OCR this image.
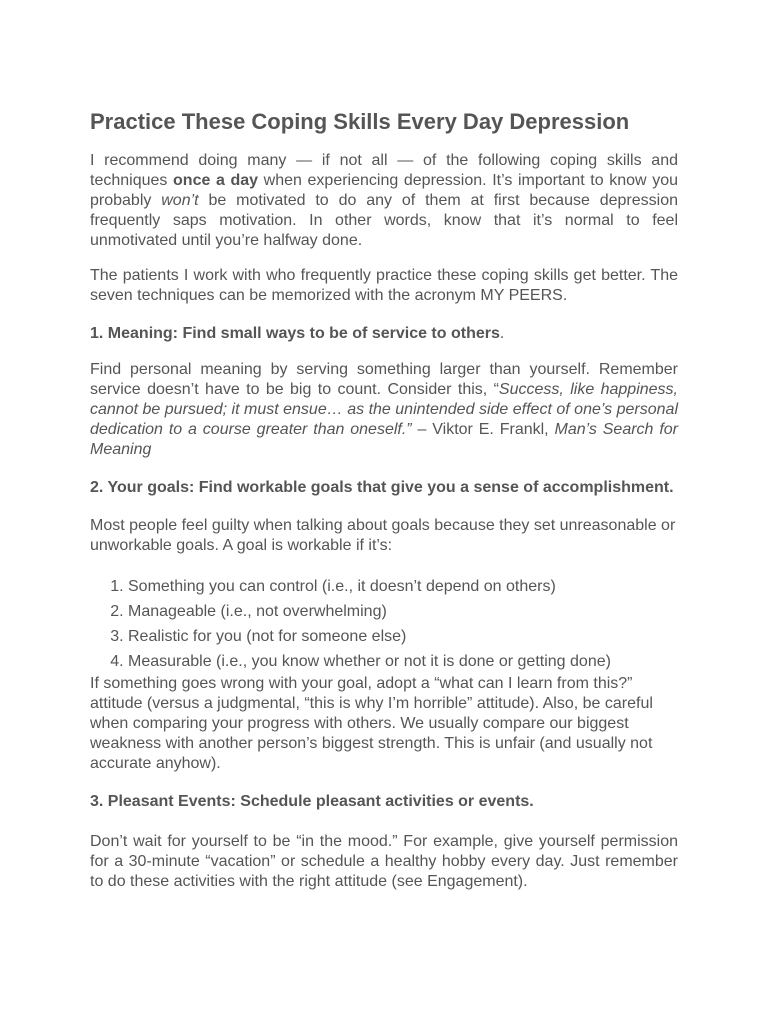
Practice These Coping Skills Every Day Depression

I recommend doing many — if not all — of the following coping skills and techniques once a day when experiencing depression. It’s important to know you probably won’t be motivated to do any of them at first because depression frequently saps motivation. In other words, know that it’s normal to feel unmotivated until you’re halfway done.

The patients I work with who frequently practice these coping skills get better. The seven techniques can be memorized with the acronym MY PEERS.

1. Meaning: Find small ways to be of service to others.

Find personal meaning by serving something larger than yourself. Remember service doesn’t have to be big to count. Consider this, “Success, like happiness, cannot be pursued; it must ensue… as the unintended side effect of one’s personal dedication to a course greater than oneself.” – Viktor E. Frankl, Man’s Search for Meaning

2. Your goals: Find workable goals that give you a sense of accomplishment.

Most people feel guilty when talking about goals because they set unreasonable or unworkable goals. A goal is workable if it’s:

1. Something you can control (i.e., it doesn’t depend on others)
2. Manageable (i.e., not overwhelming)
3. Realistic for you (not for someone else)
4. Measurable (i.e., you know whether or not it is done or getting done)

If something goes wrong with your goal, adopt a “what can I learn from this?” attitude (versus a judgmental, “this is why I’m horrible” attitude). Also, be careful when comparing your progress with others. We usually compare our biggest weakness with another person’s biggest strength. This is unfair (and usually not accurate anyhow).

3. Pleasant Events: Schedule pleasant activities or events.

Don’t wait for yourself to be “in the mood.” For example, give yourself permission for a 30-minute “vacation” or schedule a healthy hobby every day. Just remember to do these activities with the right attitude (see Engagement).
